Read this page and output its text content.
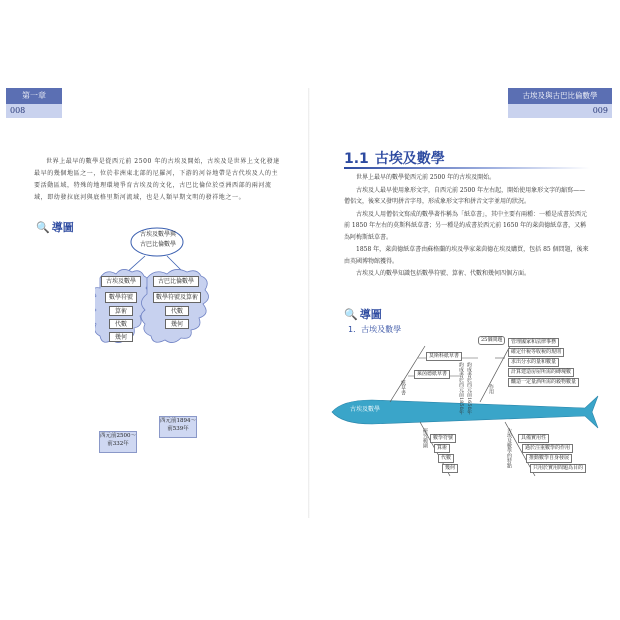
第一章
008

世界上最早的數學是從西元前 2500 年的古埃及開始，古埃及是世界上文化發達最早的幾個地區之一，位於非洲東北部的尼羅河，下游的河谷地帶是古代埃及人的主要活動區域，特殊的地理環境爭育古埃及的文化，古巴比倫位於亞洲西部的兩河流域，即幼發拉底河與底格里斯河流域，也是人類早期文明的發祥地之一。

🔍 導圖
古埃及數學與古巴比倫數學
古埃及數學
數學符號
算術
代數
幾何
古巴比倫數學
數學符號及算術
代數
幾何
西元前2500～前332年
西元前1894～前539年
古埃及與古巴比倫數學
009
1.1 古埃及數學

世界上最早的數學從西元前 2500 年的古埃及開始。

古埃及人最早使用象形文字，自西元前 2500 年左右起，開始使用象形文字的縮寫——僧侶文，後來又發明拼音字母，形成象形文字和拼音文字並用的狀況。

古埃及人用僧侶文寫成的數學著作稱為「紙草書」，其中主要有兩種：一種是成書於西元前 1850 年左右的莫斯科紙草書；另一種是約成書於西元前 1650 年的萊茵德紙草書，又稱為阿梅斯紙草書。

1858 年，萊茵德紙草書由蘇格蘭的埃及學家萊茵德在埃及購買，包括 85 個問題，後來由英國博物館獲得。

古埃及人的數學知識包括數學符號、算術、代數和幾何四個方面。

🔍 導圖
1．古埃及數學
古埃及數學
25個問題
莫斯科紙草書
萊茵德紙草書
紙草書	約成書於西元前1850年 約成書於西元前1650年	作用
管理國家和法律事務
確定什稅等收稅的規則
求出分水的量和數量
計算建造房屋所需的磚塊數
釀造一定量酒所需的穀物數量
研究範圍	數學符號
算術
代數
幾何	古埃及數學的特點	具備實用性
過於注重數學的作用
推動數學自身發展
只用於實用問題為目的
